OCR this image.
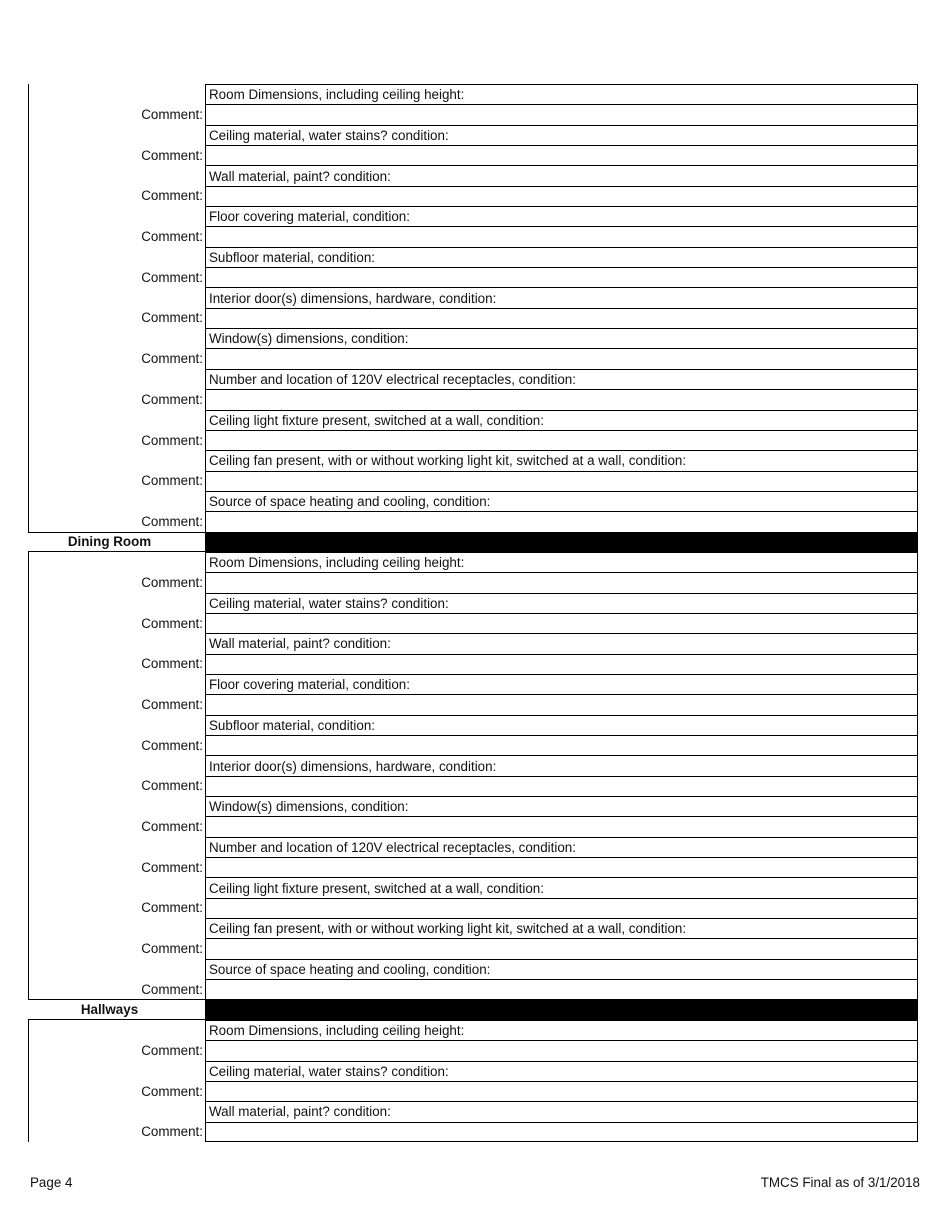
Room Dimensions, including ceiling height:
Comment:
Ceiling material, water stains? condition:
Comment:
Wall material, paint? condition:
Comment:
Floor covering material, condition:
Comment:
Subfloor material, condition:
Comment:
Interior door(s) dimensions, hardware, condition:
Comment:
Window(s) dimensions, condition:
Comment:
Number and location of 120V electrical receptacles, condition:
Comment:
Ceiling light fixture present, switched at a wall, condition:
Comment:
Ceiling fan present, with or without working light kit, switched at a wall, condition:
Comment:
Source of space heating and cooling, condition:
Comment:
Dining Room
Room Dimensions, including ceiling height:
Comment:
Ceiling material, water stains? condition:
Comment:
Wall material, paint? condition:
Comment:
Floor covering material, condition:
Comment:
Subfloor material, condition:
Comment:
Interior door(s) dimensions, hardware, condition:
Comment:
Window(s) dimensions, condition:
Comment:
Number and location of 120V electrical receptacles, condition:
Comment:
Ceiling light fixture present, switched at a wall, condition:
Comment:
Ceiling fan present, with or without working light kit, switched at a wall, condition:
Comment:
Source of space heating and cooling, condition:
Comment:
Hallways
Room Dimensions, including ceiling height:
Comment:
Ceiling material, water stains? condition:
Comment:
Wall material, paint? condition:
Comment:
Page 4	TMCS Final as of 3/1/2018
